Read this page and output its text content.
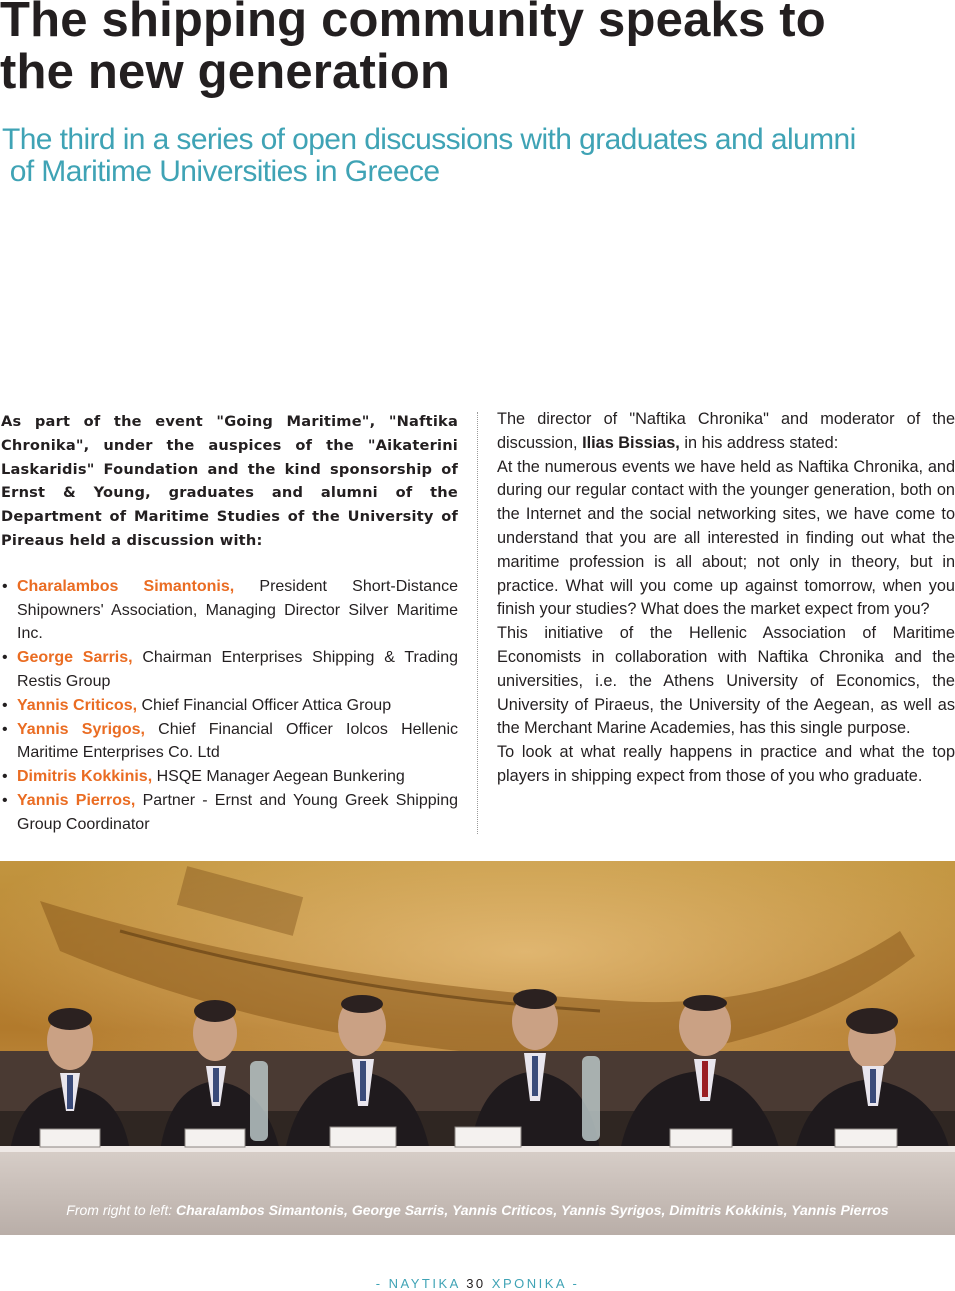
The shipping community speaks to
the new generation
The third in a series of open discussions with graduates and alumni
of Maritime Universities in Greece

As part of the event "Going Maritime", "Naftika Chronika", under the auspices of the "Aikaterini Laskaridis" Foundation and the kind sponsorship of Ernst & Young, graduates and alumni of the Department of Maritime Studies of the University of Pireaus held a discussion with:

• Charalambos Simantonis, President Short-Distance Shipowners' Association, Managing Director Silver Maritime Inc.
• George Sarris, Chairman Enterprises Shipping & Trading Restis Group
• Yannis Criticos, Chief Financial Officer Attica Group
• Yannis Syrigos, Chief Financial Officer Iolcos Hellenic Maritime Enterprises Co. Ltd
• Dimitris Kokkinis, HSQE Manager Aegean Bunkering
• Yannis Pierros, Partner - Ernst and Young Greek Shipping Group Coordinator

The director of "Naftika Chronika" and moderator of the discussion, Ilias Bissias, in his address stated:

At the numerous events we have held as Naftika Chronika, and during our regular contact with the younger generation, both on the Internet and the social networking sites, we have come to understand that you are all interested in finding out what the maritime profession is all about; not only in theory, but in practice. What will you come up against tomorrow, when you finish your studies? What does the market expect from you?

This initiative of the Hellenic Association of Maritime Economists in collaboration with Naftika Chronika and the universities, i.e. the Athens University of Economics, the University of Piraeus, the University of the Aegean, as well as the Merchant Marine Academies, has this single purpose.

To look at what really happens in practice and what the top players in shipping expect from those of you who graduate.

From right to left: Charalambos Simantonis, George Sarris, Yannis Criticos, Yannis Syrigos, Dimitris Kokkinis, Yannis Pierros
- ΝΑΥΤΙΚΑ 30 ΧΡΟΝΙΚΑ -
